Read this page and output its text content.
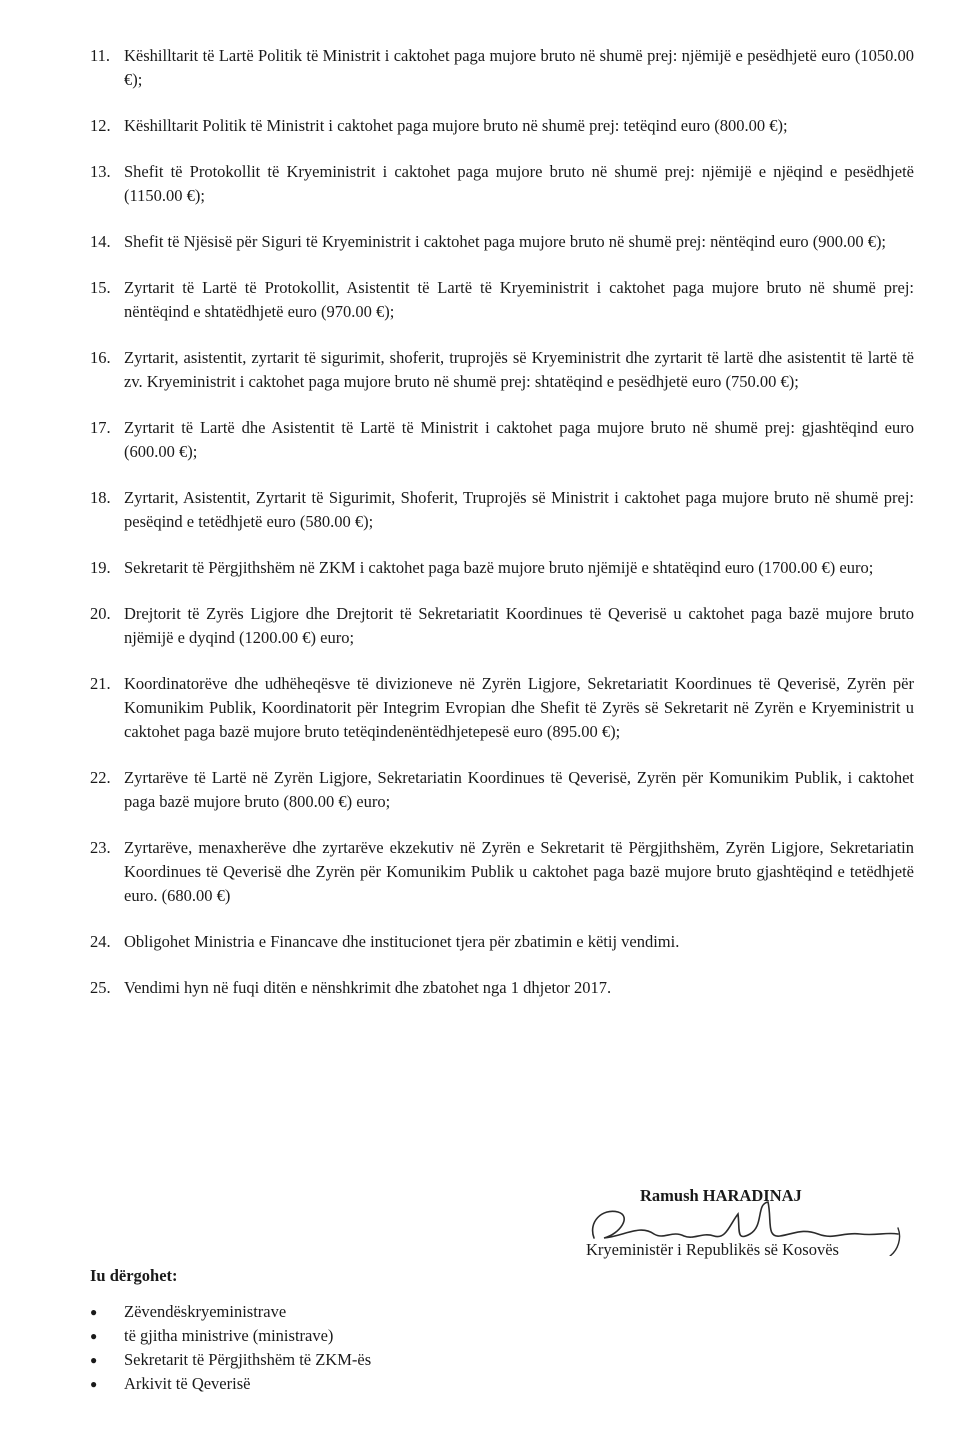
11. Këshilltarit të Lartë Politik të Ministrit i caktohet paga mujore bruto në shumë prej: njëmijë e pesëdhjetë euro (1050.00 €);
12. Këshilltarit Politik të Ministrit i caktohet paga mujore bruto në shumë prej: tetëqind euro (800.00 €);
13. Shefit të Protokollit të Kryeministrit i caktohet paga mujore bruto në shumë prej: njëmijë e njëqind e pesëdhjetë (1150.00 €);
14. Shefit të Njësisë për Siguri të Kryeministrit i caktohet paga mujore bruto në shumë prej: nëntëqind euro (900.00 €);
15. Zyrtarit të Lartë të Protokollit, Asistentit të Lartë të Kryeministrit i caktohet paga mujore bruto në shumë prej: nëntëqind e shtatëdhjetë euro (970.00 €);
16. Zyrtarit, asistentit, zyrtarit të sigurimit, shoferit, truprojës së Kryeministrit dhe zyrtarit të lartë dhe asistentit të lartë të zv. Kryeministrit i caktohet paga mujore bruto në shumë prej: shtatëqind e pesëdhjetë euro (750.00 €);
17. Zyrtarit të Lartë dhe Asistentit të Lartë të Ministrit i caktohet paga mujore bruto në shumë prej: gjashtëqind euro (600.00 €);
18. Zyrtarit, Asistentit, Zyrtarit të Sigurimit, Shoferit, Truprojës së Ministrit i caktohet paga mujore bruto në shumë prej: pesëqind e tetëdhjetë euro (580.00 €);
19. Sekretarit të Përgjithshëm në ZKM i caktohet paga bazë mujore bruto njëmijë e shtatëqind euro (1700.00 €) euro;
20. Drejtorit të Zyrës Ligjore dhe Drejtorit të Sekretariatit Koordinues të Qeverisë u caktohet paga bazë mujore bruto njëmijë e dyqind (1200.00 €) euro;
21. Koordinatorëve dhe udhëheqësve të divizioneve në Zyrën Ligjore, Sekretariatit Koordinues të Qeverisë, Zyrën për Komunikim Publik, Koordinatorit për Integrim Evropian dhe Shefit të Zyrës së Sekretarit në Zyrën e Kryeministrit u caktohet paga bazë mujore bruto tetëqindenëntëdhjetepesë euro (895.00 €);
22. Zyrtarëve të Lartë në Zyrën Ligjore, Sekretariatin Koordinues të Qeverisë, Zyrën për Komunikim Publik, i caktohet paga bazë mujore bruto (800.00 €) euro;
23. Zyrtarëve, menaxherëve dhe zyrtarëve ekzekutiv në Zyrën e Sekretarit të Përgjithshëm, Zyrën Ligjore, Sekretariatin Koordinues të Qeverisë dhe Zyrën për Komunikim Publik u caktohet paga bazë mujore bruto gjashtëqind e tetëdhjetë euro. (680.00 €)
24. Obligohet Ministria e Financave dhe institucionet tjera për zbatimin e këtij vendimi.
25. Vendimi hyn në fuqi ditën e nënshkrimit dhe zbatohet nga 1 dhjetor 2017.
Ramush HARADINAJ
Kryeministër i Republikës së Kosovës
Iu dërgohet:
●	Zëvendëskryeministrave
●	të gjitha ministrive (ministrave)
●	Sekretarit të Përgjithshëm të ZKM-ës
●	Arkivit të Qeverisë
